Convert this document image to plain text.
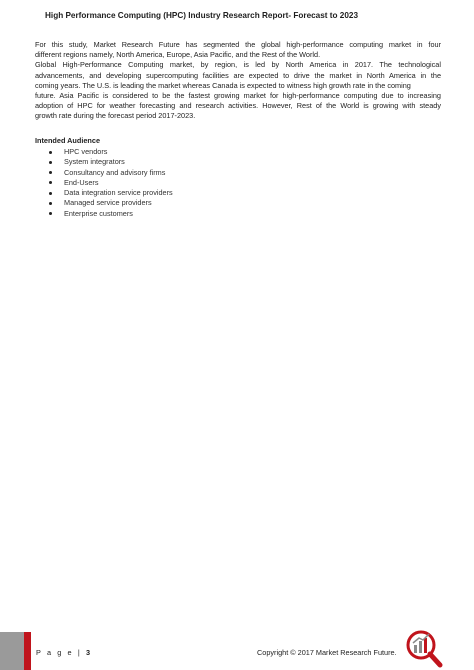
High Performance Computing (HPC) Industry Research Report- Forecast to 2023
For this study, Market Research Future has segmented the global high-performance computing market in four
different regions namely, North America, Europe, Asia Pacific, and the Rest of the World.
Global High-Performance Computing market, by region, is led by North America in 2017. The technological
advancements, and developing supercomputing facilities are expected to drive the market in North America in the
coming years. The U.S. is leading the market whereas Canada is expected to witness high growth rate in the coming
future. Asia Pacific is considered to be the fastest growing market for high-performance computing due to increasing
adoption of HPC for weather forecasting and research activities. However, Rest of the World is growing with steady
growth rate during the forecast period 2017-2023.
Intended Audience
HPC vendors
System integrators
Consultancy and advisory firms
End-Users
Data integration service providers
Managed service providers
Enterprise customers
P a g e | 3	Copyright © 2017 Market Research Future.
